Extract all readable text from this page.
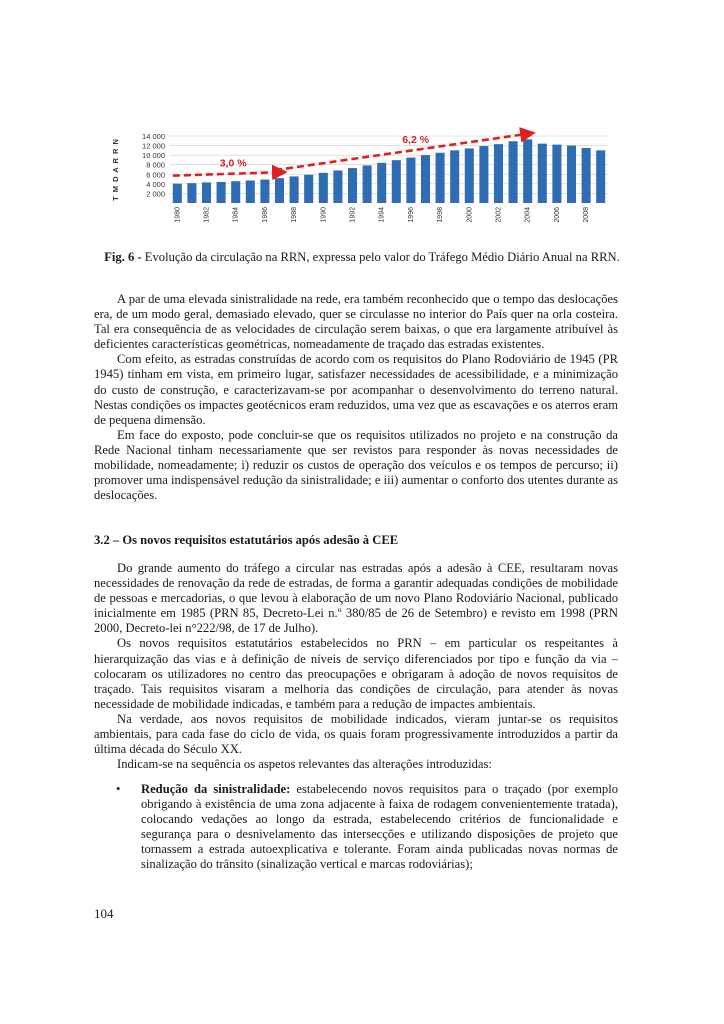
2 000
4 000
6 000
8 000
10 000
12 000
14 000
T M D A R R N
1980	1982	1984	1986	1988	1990	1992	1994	1996	1998	2000	2002	2004	2006	2008
3,0 %
6,2 %
Fig. 6 - Evolução da circulação na RRN, expressa pelo valor do Tráfego Médio Diário Anual na RRN.

A par de uma elevada sinistralidade na rede, era também reconhecido que o tempo das deslocações era, de um modo geral, demasiado elevado, quer se circulasse no interior do País quer na orla costeira. Tal era consequência de as velocidades de circulação serem baixas, o que era largamente atribuível às deficientes características geométricas, nomeadamente de traçado das estradas existentes.

Com efeito, as estradas construídas de acordo com os requisitos do Plano Rodoviário de 1945 (PR 1945) tinham em vista, em primeiro lugar, satisfazer necessidades de acessibilidade, e a minimização do custo de construção, e caracterizavam-se por acompanhar o desenvolvimento do terreno natural. Nestas condições os impactes geotécnicos eram reduzidos, uma vez que as escavações e os aterros eram de pequena dimensão.

Em face do exposto, pode concluir-se que os requisitos utilizados no projeto e na construção da Rede Nacional tinham necessariamente que ser revistos para responder às novas necessidades de mobilidade, nomeadamente; i) reduzir os custos de operação dos veículos e os tempos de percurso; ii) promover uma indispensável redução da sinistralidade; e iii) aumentar o conforto dos utentes durante as deslocações.

3.2 – Os novos requisitos estatutários após adesão à CEE

Do grande aumento do tráfego a circular nas estradas após a adesão à CEE, resultaram novas necessidades de renovação da rede de estradas, de forma a garantir adequadas condições de mobilidade de pessoas e mercadorias, o que levou à elaboração de um novo Plano Rodoviário Nacional, publicado inicialmente em 1985 (PRN 85, Decreto-Lei n.º 380/85 de 26 de Setembro) e revisto em 1998 (PRN 2000, Decreto-lei n°222/98, de 17 de Julho).

Os novos requisitos estatutários estabelecidos no PRN – em particular os respeitantes à hierarquização das vias e à definição de níveis de serviço diferenciados por tipo e função da via – colocaram os utilizadores no centro das preocupações e obrigaram à adoção de novos requisitos de traçado. Tais requisitos visaram a melhoria das condições de circulação, para atender às novas necessidade de mobilidade indicadas, e também para a redução de impactes ambientais.

Na verdade, aos novos requisitos de mobilidade indicados, vieram juntar-se os requisitos ambientais, para cada fase do ciclo de vida, os quais foram progressivamente introduzidos a partir da última década do Século XX.

Indicam-se na sequência os aspetos relevantes das alterações introduzidas:

• Redução da sinistralidade: estabelecendo novos requisitos para o traçado (por exemplo obrigando à existência de uma zona adjacente à faixa de rodagem convenientemente tratada), colocando vedações ao longo da estrada, estabelecendo critérios de funcionalidade e segurança para o desnivelamento das intersecções e utilizando disposições de projeto que tornassem a estrada autoexplicativa e tolerante. Foram ainda publicadas novas normas de sinalização do trânsito (sinalização vertical e marcas rodoviárias);
104
